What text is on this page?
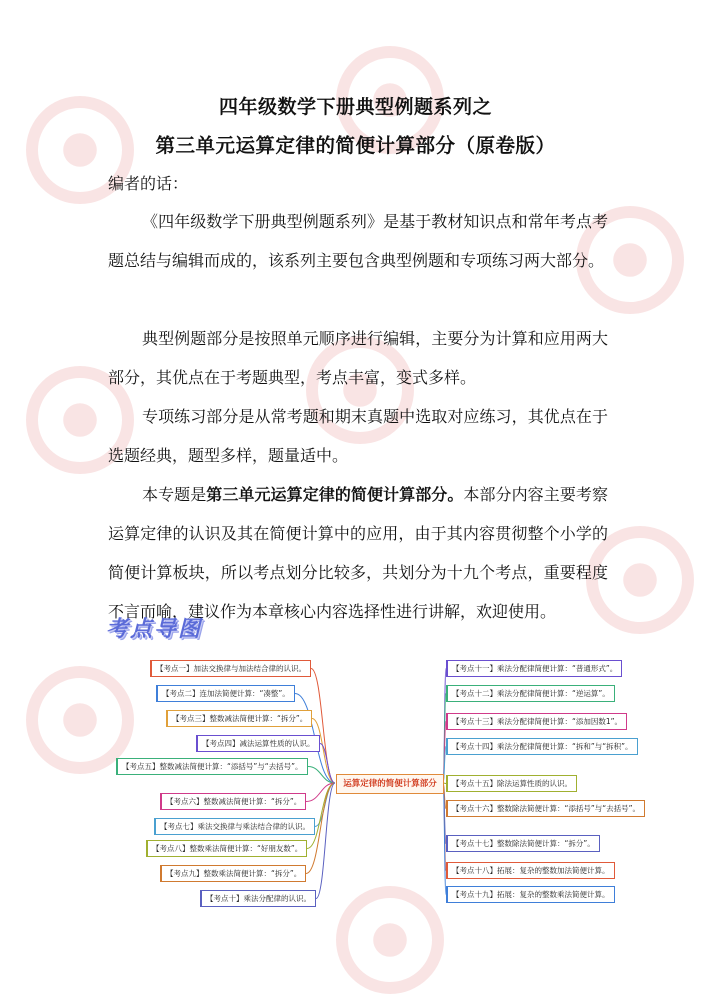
四年级数学下册典型例题系列之
第三单元运算定律的简便计算部分（原卷版）
编者的话：
《四年级数学下册典型例题系列》是基于教材知识点和常年考点考题总结与编辑而成的，该系列主要包含典型例题和专项练习两大部分。
典型例题部分是按照单元顺序进行编辑，主要分为计算和应用两大部分，其优点在于考题典型，考点丰富，变式多样。
专项练习部分是从常考题和期末真题中选取对应练习，其优点在于选题经典，题型多样，题量适中。
本专题是第三单元运算定律的简便计算部分。本部分内容主要考察运算定律的认识及其在简便计算中的应用，由于其内容贯彻整个小学的简便计算板块，所以考点划分比较多，共划分为十九个考点，重要程度不言而喻，建议作为本章核心内容选择性进行讲解，欢迎使用。
考点导图
运算定律的简便计算部分
【考点一】加法交换律与加法结合律的认识。
【考点二】连加法简便计算：“凑整”。
【考点三】整数减法简便计算：“拆分”。
【考点四】减法运算性质的认识。
【考点五】整数减法简便计算：“添括号”与“去括号”。
【考点六】整数减法简便计算：“拆分”。
【考点七】乘法交换律与乘法结合律的认识。
【考点八】整数乘法简便计算：“好朋友数”。
【考点九】整数乘法简便计算：“拆分”。
【考点十】乘法分配律的认识。
【考点十一】乘法分配律简便计算：“普通形式”。
【考点十二】乘法分配律简便计算：“逆运算”。
【考点十三】乘法分配律简便计算：“添加因数1”。
【考点十四】乘法分配律简便计算：“拆和”与“拆积”。
【考点十五】除法运算性质的认识。
【考点十六】整数除法简便计算：“添括号”与“去括号”。
【考点十七】整数除法简便计算：“拆分”。
【考点十八】拓展：复杂的整数加法简便计算。
【考点十九】拓展：复杂的整数乘法简便计算。
